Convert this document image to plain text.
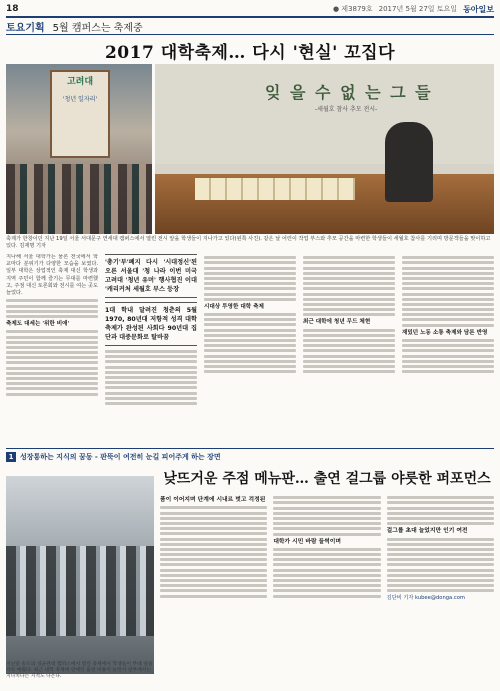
18	● 제3879호 2017년 5월 27일 토요일 동아일보
토요기획 5월 캠퍼스는 축제중
2017 대학축제… 다시 '현실' 꼬집다
고려대
'청년 일자리'	잊 을 수 없 는 그 들
-세월호 참사 추모 전시-
축제가 한창이던 지난 19일 서울 서대문구 연세대 캠퍼스에서 열린 전시 앞을 학생들이 지나가고 있다(왼쪽 사진). 같은 날 어린이 작업 부스와 추모 공간을 마련한 학생들이 세월호 참사를 기리며 방문객들을 맞이하고 있다. 김재명 기자
지나해 서울 대학가는 물론 전국에서 학교마다 분위기가 다양한 모습을 보였다. 일부 대학은 상업적인 축제 대신 학생과 지역 주민이 함께 즐기는 무대를 마련했고, 주점 대신 토론회와 전시를 여는 곳도 늘었다.
축제도 대세는 '위한 비애'
'총기'부'폐지 다시 '시대정신'된 오른 서울대 '청 나라 이번 미국 고려대 '청년 유머' 행사협진 이대 '캐리커처 세월호 부스 등장
1대 학내 달려진 청춘의 5월 1970, 80년대 저항적 성격 대학 축제가 완성된 사회다 90년대 집단과 대중문화로 탈바꿈
시대상 투영한 대학 축제
최근 대학에 청년 무드 체현
재밌던 노동 소통 축제와 담론 반영
1 성장통하는 지식의 꿈동 - 판뚝이 여전히 눈길 피어주게 하는 장면
낮뜨거운 주점 메뉴판… 출연 걸그룹 야릇한 퍼포먼스
품이 이어지며 단계에 시내르 벗고 걱정된
대학가 시민 바람 들썩이며
걸그룹 초대 늘었지만 인기 여전
김단비 기자 kubee@donga.com
지난달 송도의 성균관대 캠퍼스에서 열린 축제에서 학생들이 무대 앞을 가득 메웠다. 최근 대학 축제에 연예인 출연 비용이 늘면서 일부에서는 지나치다는 지적도 나온다.
